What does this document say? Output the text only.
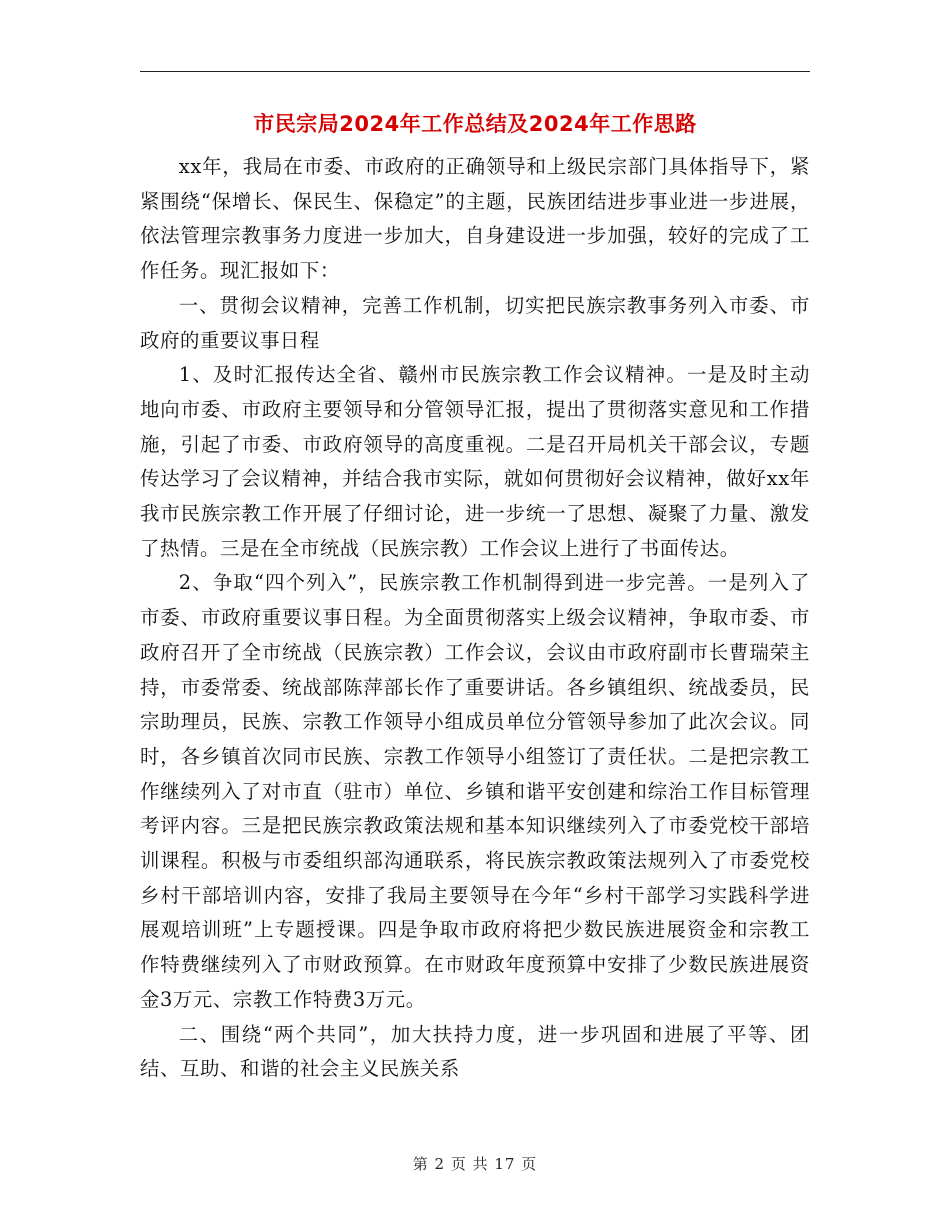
市民宗局2024年工作总结及2024年工作思路

xx年，我局在市委、市政府的正确领导和上级民宗部门具体指导下，紧紧围绕“保增长、保民生、保稳定”的主题，民族团结进步事业进一步进展，依法管理宗教事务力度进一步加大，自身建设进一步加强，较好的完成了工作任务。现汇报如下：

一、贯彻会议精神，完善工作机制，切实把民族宗教事务列入市委、市政府的重要议事日程

1、及时汇报传达全省、赣州市民族宗教工作会议精神。一是及时主动地向市委、市政府主要领导和分管领导汇报，提出了贯彻落实意见和工作措施，引起了市委、市政府领导的高度重视。二是召开局机关干部会议，专题传达学习了会议精神，并结合我市实际，就如何贯彻好会议精神，做好xx年我市民族宗教工作开展了仔细讨论，进一步统一了思想、凝聚了力量、激发了热情。三是在全市统战（民族宗教）工作会议上进行了书面传达。

2、争取“四个列入”，民族宗教工作机制得到进一步完善。一是列入了市委、市政府重要议事日程。为全面贯彻落实上级会议精神，争取市委、市政府召开了全市统战（民族宗教）工作会议，会议由市政府副市长曹瑞荣主持，市委常委、统战部陈萍部长作了重要讲话。各乡镇组织、统战委员，民宗助理员，民族、宗教工作领导小组成员单位分管领导参加了此次会议。同时，各乡镇首次同市民族、宗教工作领导小组签订了责任状。二是把宗教工作继续列入了对市直（驻市）单位、乡镇和谐平安创建和综治工作目标管理考评内容。三是把民族宗教政策法规和基本知识继续列入了市委党校干部培训课程。积极与市委组织部沟通联系，将民族宗教政策法规列入了市委党校乡村干部培训内容，安排了我局主要领导在今年“乡村干部学习实践科学进展观培训班”上专题授课。四是争取市政府将把少数民族进展资金和宗教工作特费继续列入了市财政预算。在市财政年度预算中安排了少数民族进展资金3万元、宗教工作特费3万元。

二、围绕“两个共同”，加大扶持力度，进一步巩固和进展了平等、团结、互助、和谐的社会主义民族关系

第 2 页 共 17 页
